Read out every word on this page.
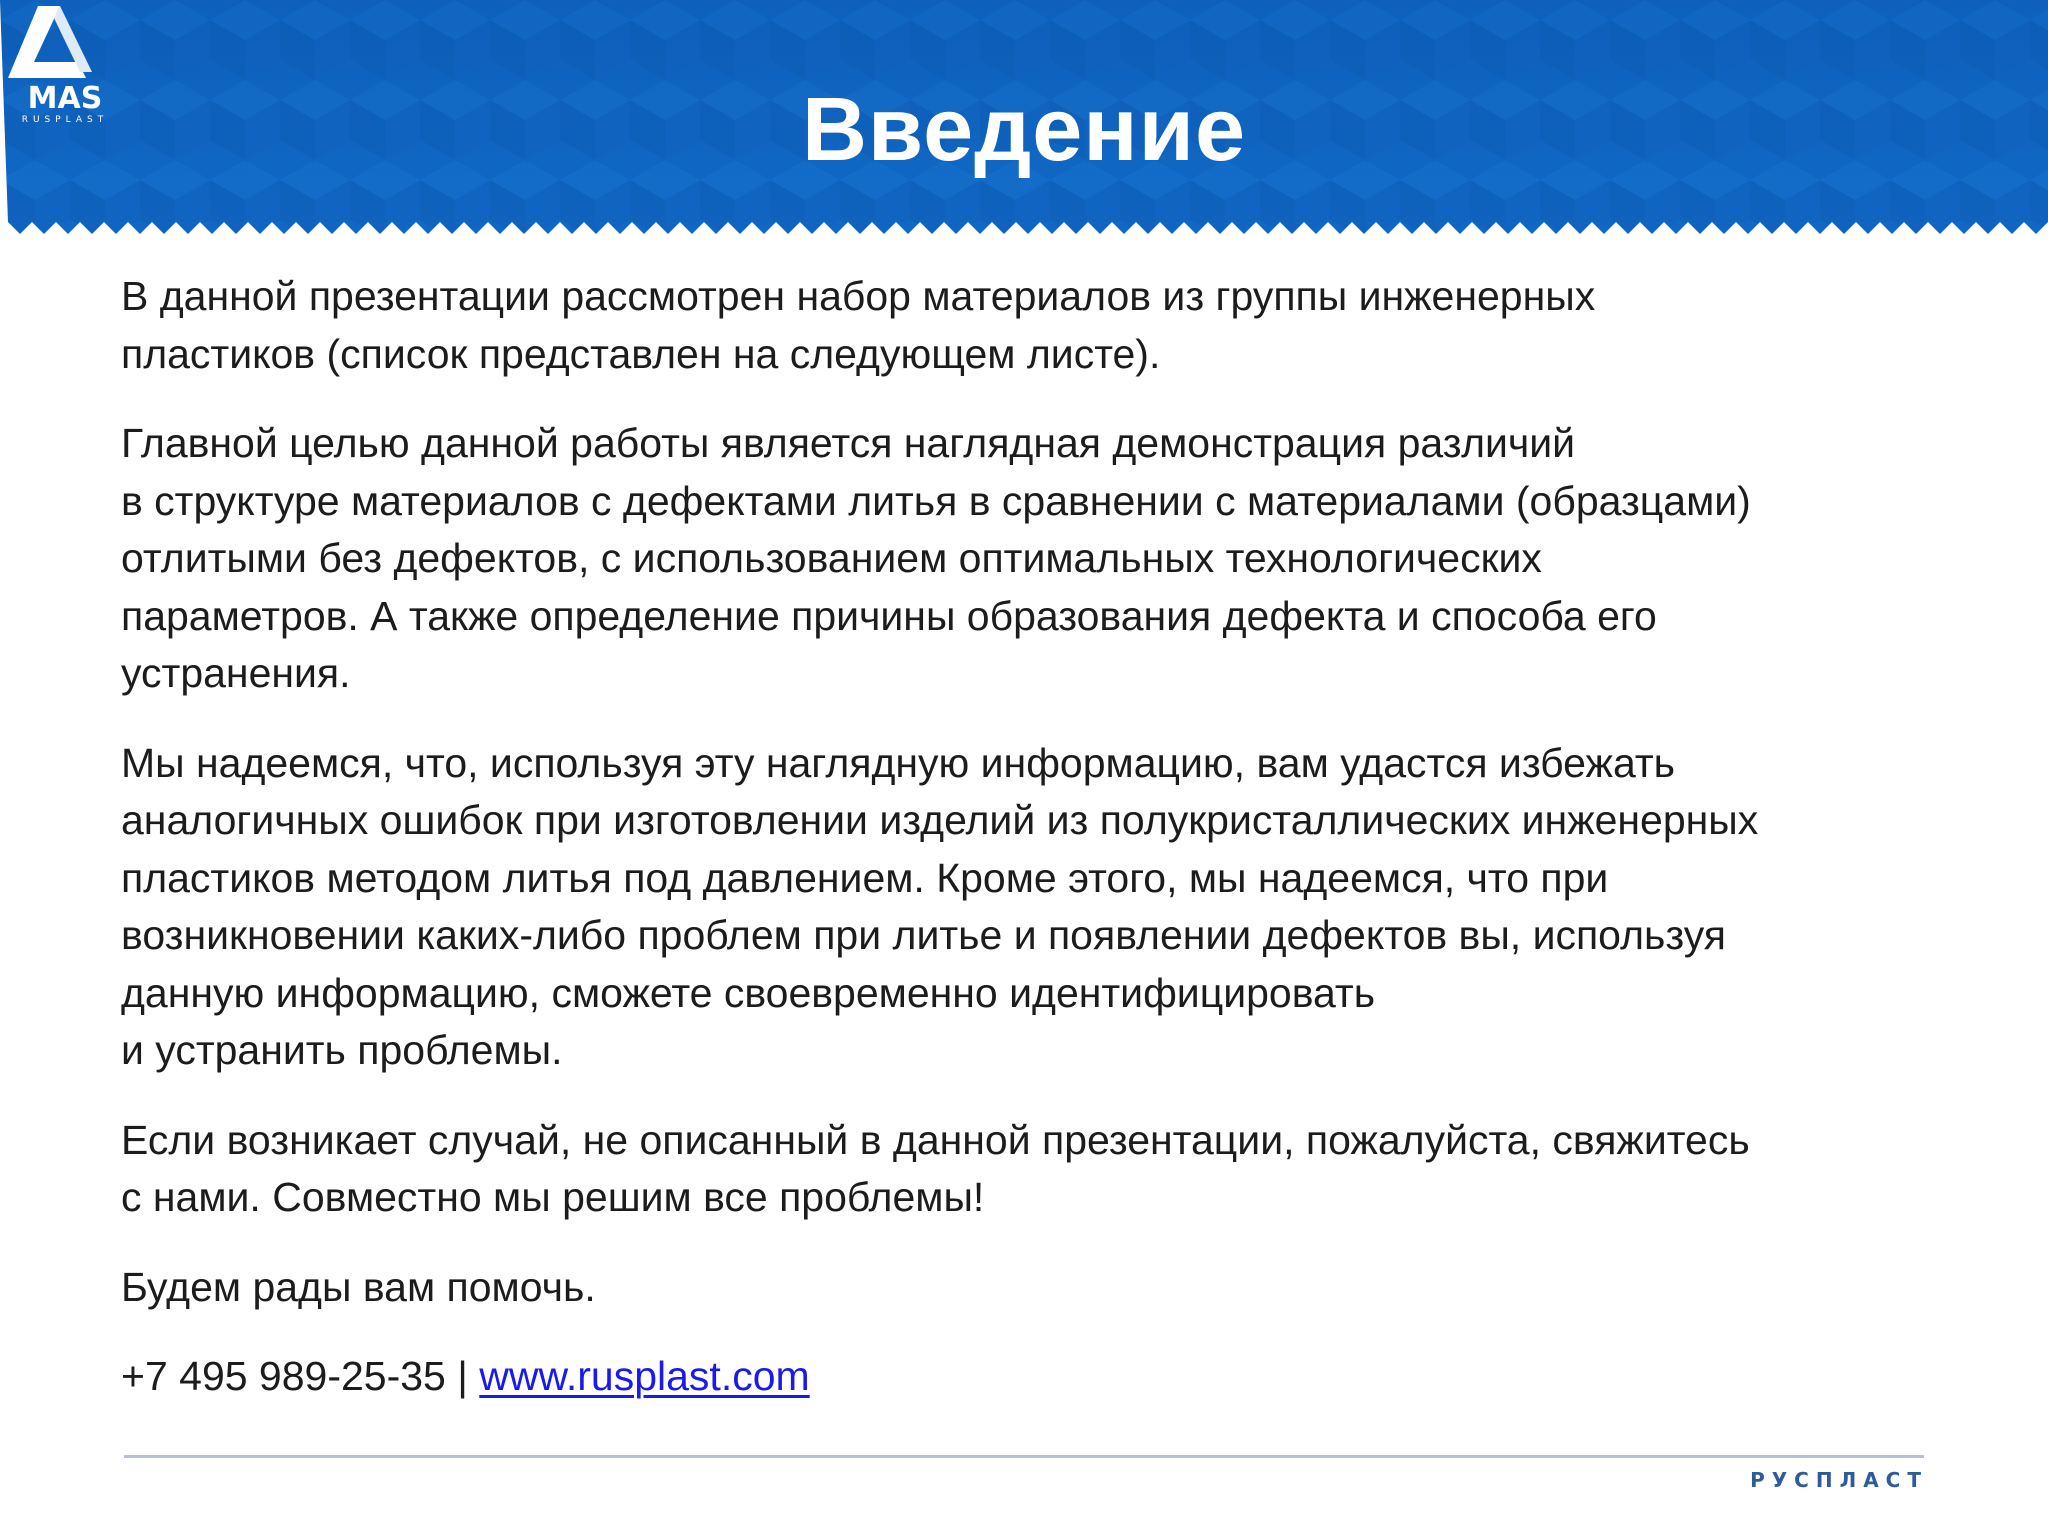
MAS
RUSPLAST	Введение

В данной презентации рассмотрен набор материалов из группы инженерных
пластиков (список представлен на следующем листе).

Главной целью данной работы является наглядная демонстрация различий
в структуре материалов с дефектами литья в сравнении с материалами (образцами)
отлитыми без дефектов, с использованием оптимальных технологических
параметров. А также определение причины образования дефекта и способа его
устранения.

Мы надеемся, что, используя эту наглядную информацию, вам удастся избежать
аналогичных ошибок при изготовлении изделий из полукристаллических инженерных
пластиков методом литья под давлением. Кроме этого, мы надеемся, что при
возникновении каких-либо проблем при литье и появлении дефектов вы, используя
данную информацию, сможете своевременно идентифицировать
и устранить проблемы.

Если возникает случай, не описанный в данной презентации, пожалуйста, свяжитесь
с нами. Совместно мы решим все проблемы!

Будем рады вам помочь.

+7 495 989-25-35 | www.rusplast.com

РУСПЛАСТ
